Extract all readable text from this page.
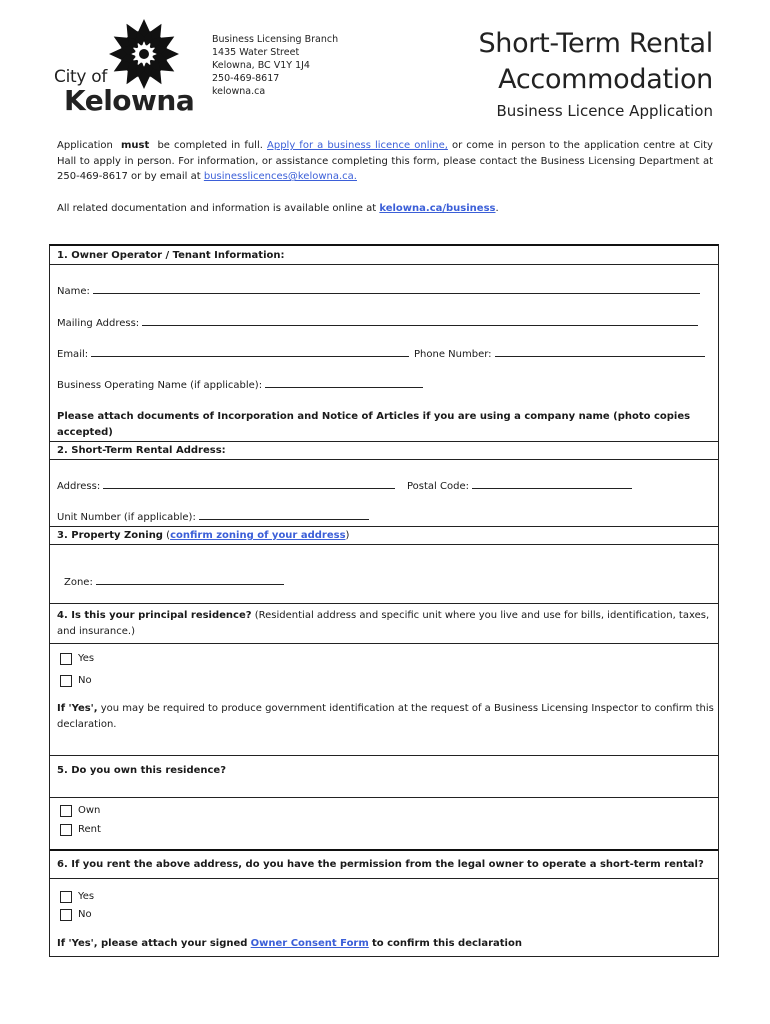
City of
Kelowna
Business Licensing Branch
1435 Water Street
Kelowna, BC V1Y 1J4
250-469-8617
kelowna.ca
Short-Term Rental
Accommodation
Business Licence Application
Application must be completed in full. Apply for a business licence online, or come in person to the application centre at City Hall to apply in person. For information, or assistance completing this form, please contact the Business Licensing Department at 250-469-8617 or by email at businesslicences@kelowna.ca.
All related documentation and information is available online at kelowna.ca/business.
1. Owner Operator / Tenant Information:
Name:
Mailing Address:
Email:	Phone Number:
Business Operating Name (if applicable):
Please attach documents of Incorporation and Notice of Articles if you are using a company name (photo copies accepted)
2. Short-Term Rental Address:
Address:	Postal Code:
Unit Number (if applicable):
3. Property Zoning (confirm zoning of your address)
Zone:
4. Is this your principal residence? (Residential address and specific unit where you live and use for bills, identification, taxes, and insurance.)
Yes
No
If 'Yes', you may be required to produce government identification at the request of a Business Licensing Inspector to confirm this declaration.
5. Do you own this residence?
Own
Rent
6. If you rent the above address, do you have the permission from the legal owner to operate a short-term rental?
Yes
No
If 'Yes', please attach your signed Owner Consent Form to confirm this declaration
